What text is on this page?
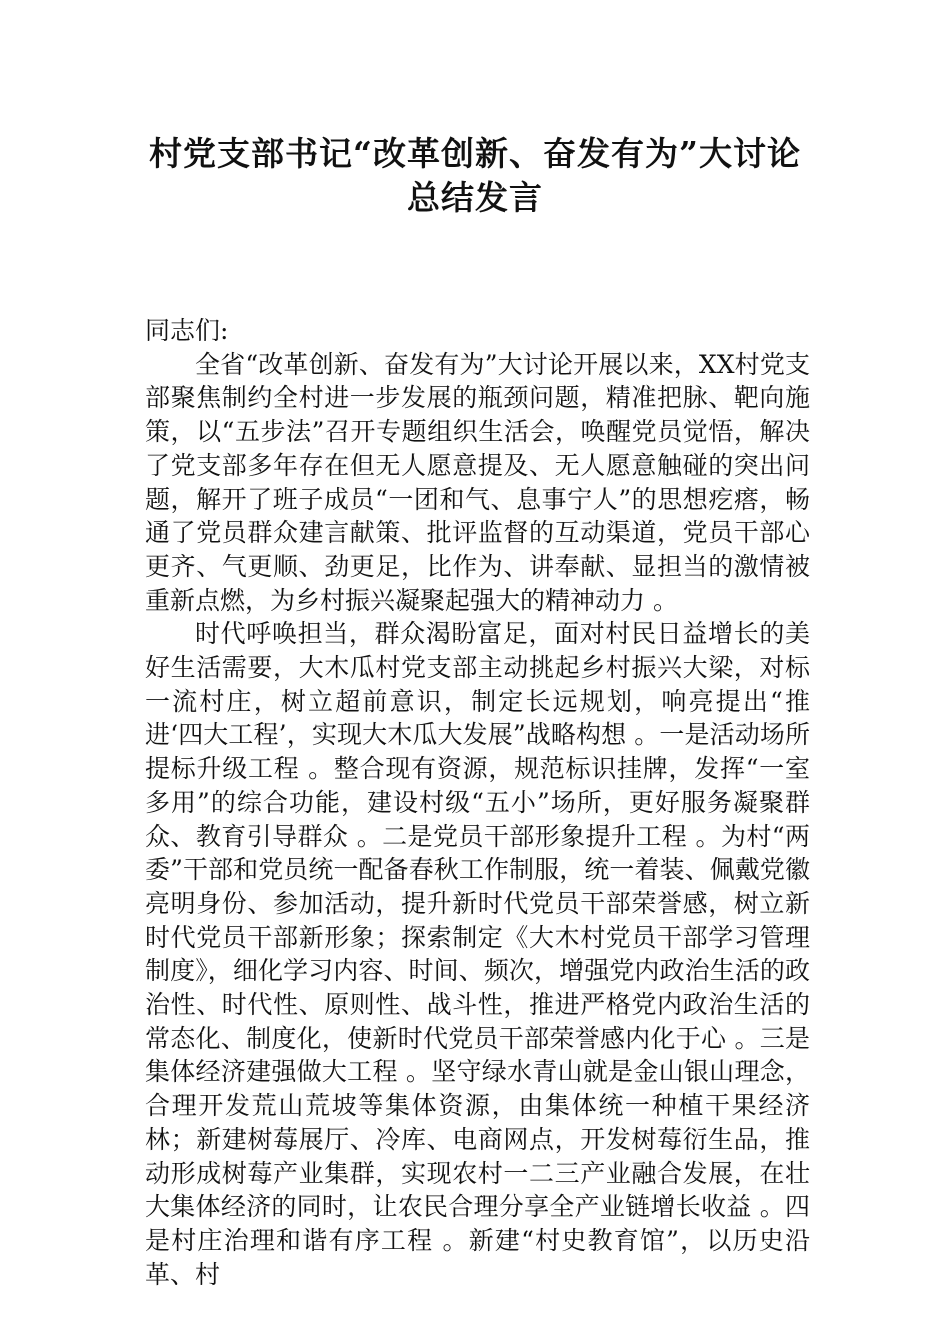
村党支部书记“改革创新、奋发有为”大讨论
总结发言

同志们:

全省“改革创新、奋发有为”大讨论开展以来，XX村党支部聚焦制约全村进一步发展的瓶颈问题，精准把脉、靶向施策，以“五步法”召开专题组织生活会，唤醒党员觉悟，解决了党支部多年存在但无人愿意提及、无人愿意触碰的突出问题，解开了班子成员“一团和气、息事宁人”的思想疙瘩，畅通了党员群众建言献策、批评监督的互动渠道，党员干部心更齐、气更顺、劲更足，比作为、讲奉献、显担当的激情被重新点燃，为乡村振兴凝聚起强大的精神动力 。

时代呼唤担当，群众渴盼富足，面对村民日益增长的美好生活需要，大木瓜村党支部主动挑起乡村振兴大梁，对标一流村庄，树立超前意识，制定长远规划，响亮提出“推进‘四大工程’，实现大木瓜大发展”战略构想 。一是活动场所提标升级工程 。整合现有资源，规范标识挂牌，发挥“一室多用”的综合功能，建设村级“五小”场所，更好服务凝聚群众、教育引导群众 。二是党员干部形象提升工程 。为村“两委”干部和党员统一配备春秋工作制服，统一着装、佩戴党徽亮明身份、参加活动，提升新时代党员干部荣誉感，树立新时代党员干部新形象；探索制定《大木村党员干部学习管理制度》，细化学习内容、时间、频次，增强党内政治生活的政治性、时代性、原则性、战斗性，推进严格党内政治生活的常态化、制度化，使新时代党员干部荣誉感内化于心 。三是集体经济建强做大工程 。坚守绿水青山就是金山银山理念，合理开发荒山荒坡等集体资源，由集体统一种植干果经济林；新建树莓展厅、冷库、电商网点，开发树莓衍生品，推动形成树莓产业集群，实现农村一二三产业融合发展，在壮大集体经济的同时，让农民合理分享全产业链增长收益 。四是村庄治理和谐有序工程 。新建“村史教育馆”，以历史沿革、村
